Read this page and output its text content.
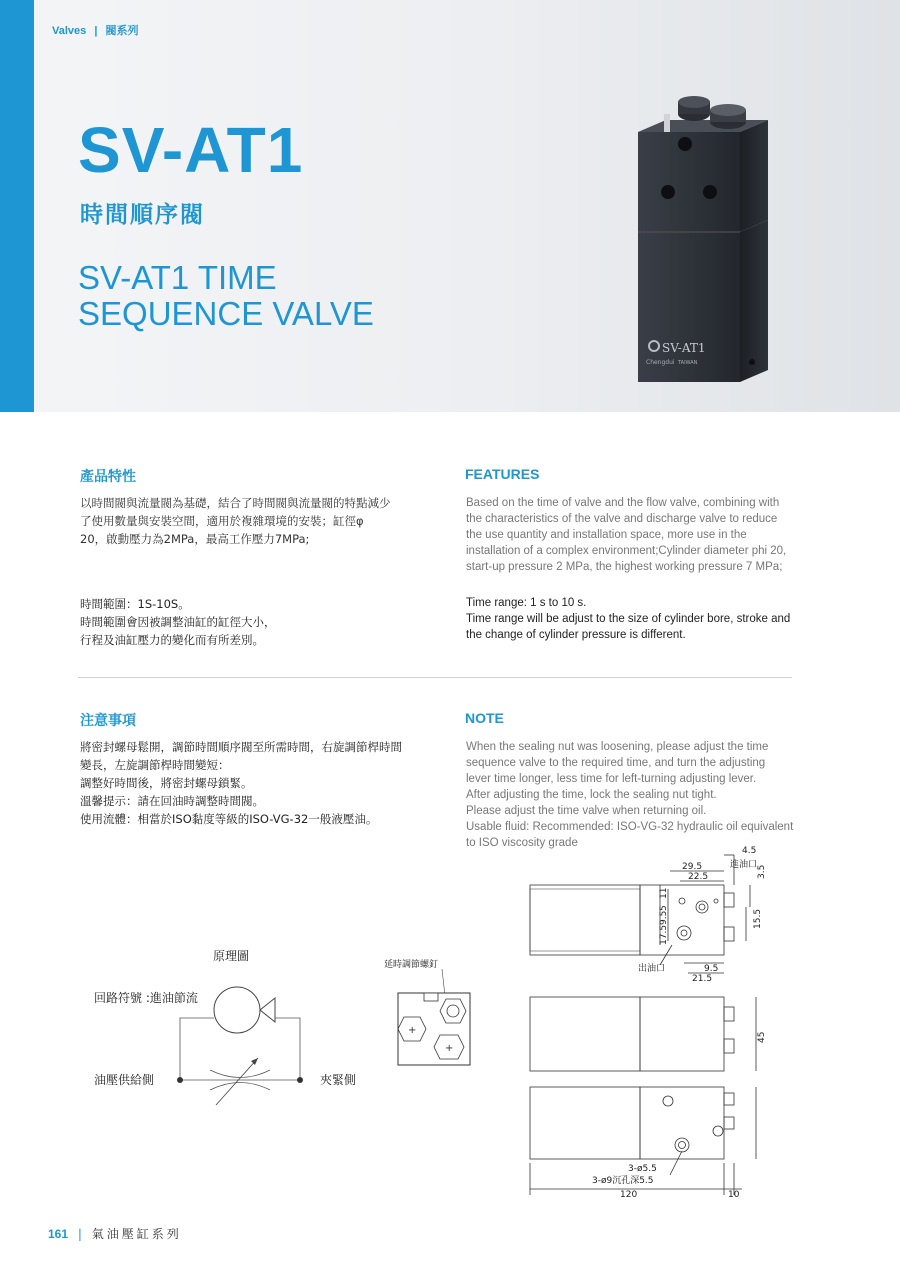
Valves | 閥系列
SV-AT1
時間順序閥
SV-AT1 TIME
SEQUENCE VALVE
SV-AT1
Chengdui TAIWAN
產品特性	FEATURES
以時間閥與流量閥為基礎，結合了時間閥與流量閥的特點減少
了使用數量與安裝空間，適用於複雜環境的安裝；缸徑φ
20，啟動壓力為2MPa，最高工作壓力7MPa;
Based on the time of valve and the flow valve, combining with
the characteristics of the valve and discharge valve to reduce
the use quantity and installation space, more use in the
installation of a complex environment;Cylinder diameter phi 20,
start-up pressure 2 MPa, the highest working pressure 7 MPa;
時間範圍：1S-10S。
時間範圍會因被調整油缸的缸徑大小，
行程及油缸壓力的變化而有所差別。
Time range: 1 s to 10 s.
Time range will be adjust to the size of cylinder bore, stroke and
the change of cylinder pressure is different.
注意事項	NOTE
將密封螺母鬆開，調節時間順序閥至所需時間，右旋調節桿時間
變長，左旋調節桿時間變短：
調整好時間後，將密封螺母鎖緊。
溫馨提示：請在回油時調整時間閥。
使用流體：相當於ISO黏度等級的ISO-VG-32一般液壓油。
When the sealing nut was loosening, please adjust the time
sequence valve to the required time, and turn the adjusting
lever time longer, less time for left-turning adjusting lever.
After adjusting the time, lock the sealing nut tight.
Please adjust the time valve when returning oil.
Usable fluid: Recommended: ISO-VG-32 hydraulic oil equivalent
to ISO viscosity grade
原理圖
回路符號 :進油節流
油壓供給側	夾緊側
延時調節螺釘
+
+
4.5
進油口
29.5
22.5	3.5
15.5
11
5
9.5
17.5
9.5
21.5
出油口
45
3-ø5.5
3-ø9沉孔深5.5
120	10
161 | 氣油壓缸系列
